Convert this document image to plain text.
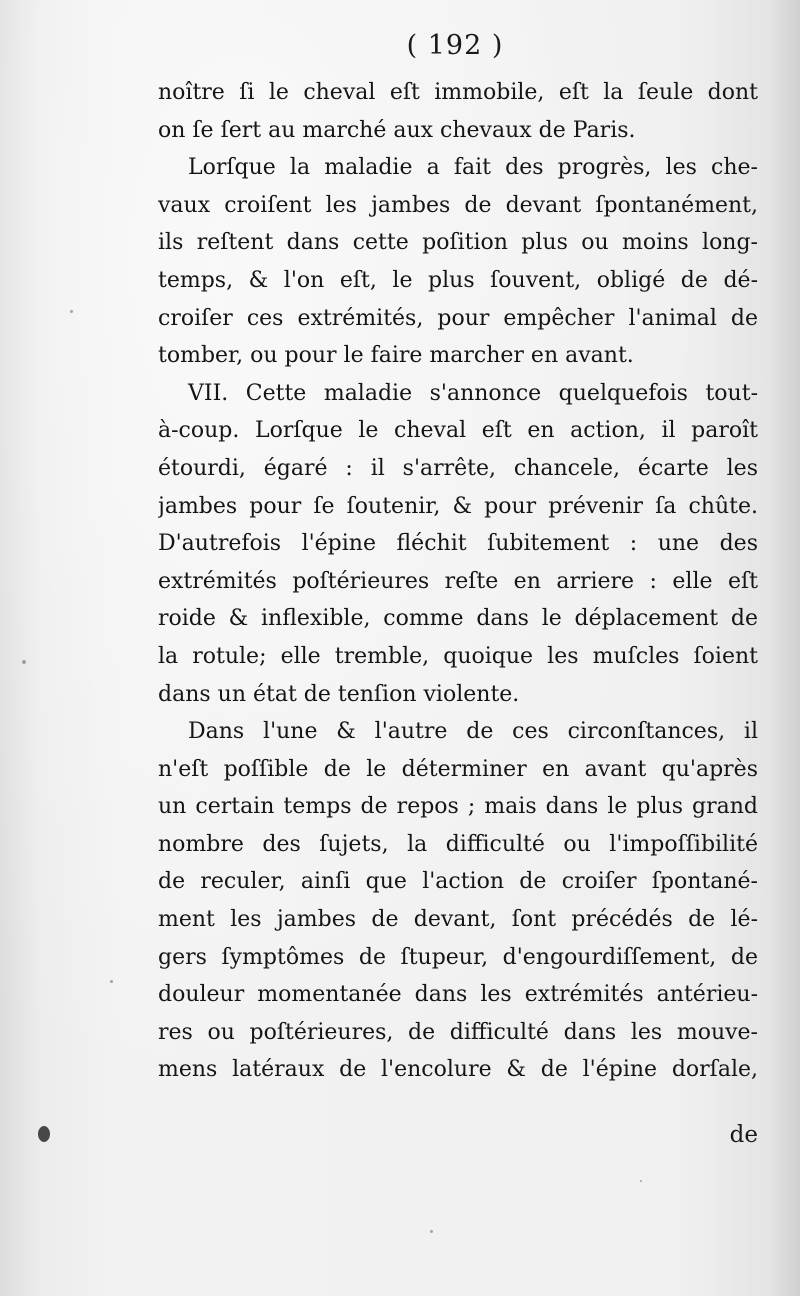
( 192 )
noître ſi le cheval eſt immobile, eſt la ſeule dont
on ſe ſert au marché aux chevaux de Paris.
Lorſque la maladie a fait des progrès, les che-
vaux croiſent les jambes de devant ſpontanément,
ils reſtent dans cette poſition plus ou moins long-
temps, & l'on eſt, le plus ſouvent, obligé de dé-
croiſer ces extrémités, pour empêcher l'animal de
tomber, ou pour le faire marcher en avant.
VII. Cette maladie s'annonce quelquefois tout-
à-coup. Lorſque le cheval eſt en action, il paroît
étourdi, égaré : il s'arrête, chancele, écarte les
jambes pour ſe ſoutenir, & pour prévenir ſa chûte.
D'autrefois l'épine fléchit ſubitement : une des
extrémités poſtérieures reſte en arriere : elle eſt
roide & inflexible, comme dans le déplacement de
la rotule; elle tremble, quoique les muſcles ſoient
dans un état de tenſion violente.
Dans l'une & l'autre de ces circonſtances, il
n'eſt poſſible de le déterminer en avant qu'après
un certain temps de repos ; mais dans le plus grand
nombre des ſujets, la difficulté ou l'impoſſibilité
de reculer, ainſi que l'action de croiſer ſpontané-
ment les jambes de devant, ſont précédés de lé-
gers ſymptômes de ſtupeur, d'engourdiſſement, de
douleur momentanée dans les extrémités antérieu-
res ou poſtérieures, de difficulté dans les mouve-
mens latéraux de l'encolure & de l'épine dorſale,
de
